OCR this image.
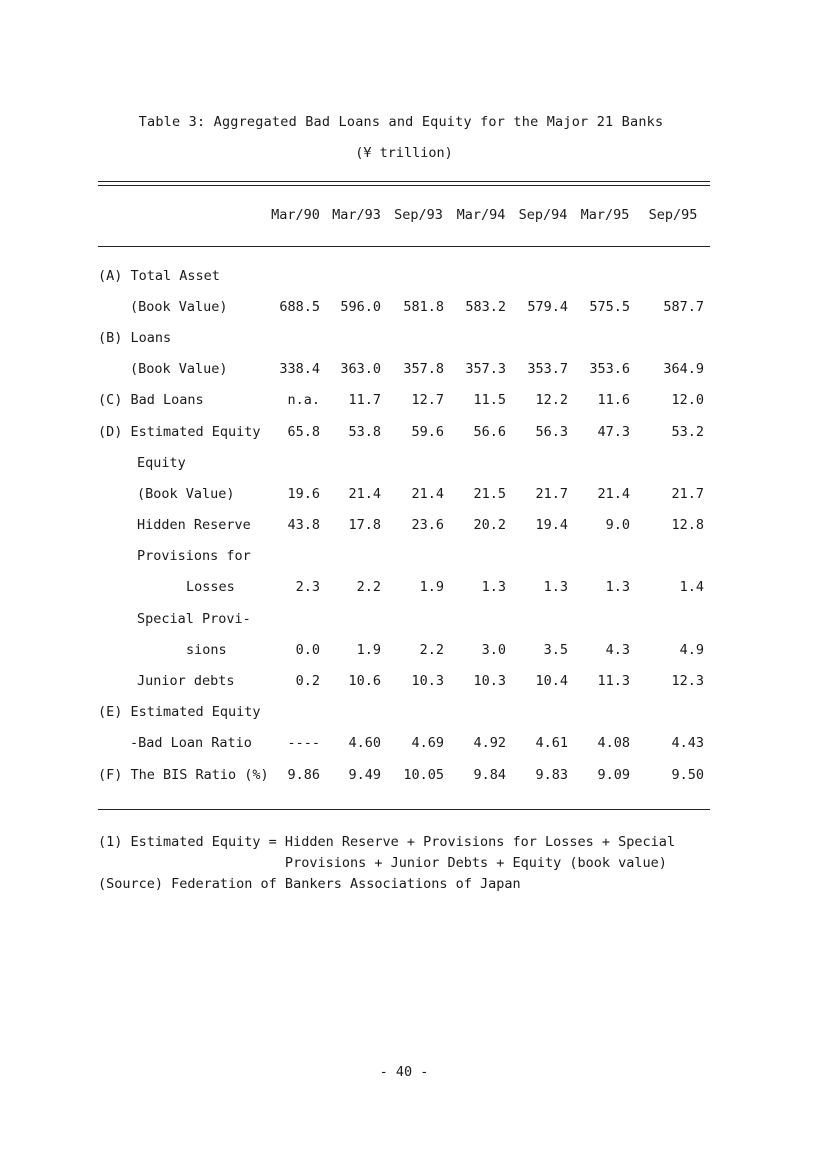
Table 3: Aggregated Bad Loans and Equity for the Major 21 Banks
(¥ trillion)
	Mar/90	Mar/93	Sep/93	Mar/94	Sep/94	Mar/95	Sep/95

(A) Total Asset							
(Book Value)	688.5	596.0	581.8	583.2	579.4	575.5	587.7
(B) Loans							
(Book Value)	338.4	363.0	357.8	357.3	353.7	353.6	364.9
(C) Bad Loans	n.a.	11.7	12.7	11.5	12.2	11.6	12.0
(D) Estimated Equity	65.8	53.8	59.6	56.6	56.3	47.3	53.2
Equity							
(Book Value)	19.6	21.4	21.4	21.5	21.7	21.4	21.7
Hidden Reserve	43.8	17.8	23.6	20.2	19.4	9.0	12.8
Provisions for							
Losses	2.3	2.2	1.9	1.3	1.3	1.3	1.4
Special Provi-							
sions	0.0	1.9	2.2	3.0	3.5	4.3	4.9
Junior debts	0.2	10.6	10.3	10.3	10.4	11.3	12.3
(E) Estimated Equity							
-Bad Loan Ratio	----	4.60	4.69	4.92	4.61	4.08	4.43
(F) The BIS Ratio (%)	9.86	9.49	10.05	9.84	9.83	9.09	9.50
(1) Estimated Equity = Hidden Reserve + Provisions for Losses + Special
Provisions + Junior Debts + Equity (book value)
(Source) Federation of Bankers Associations of Japan
- 40 -
